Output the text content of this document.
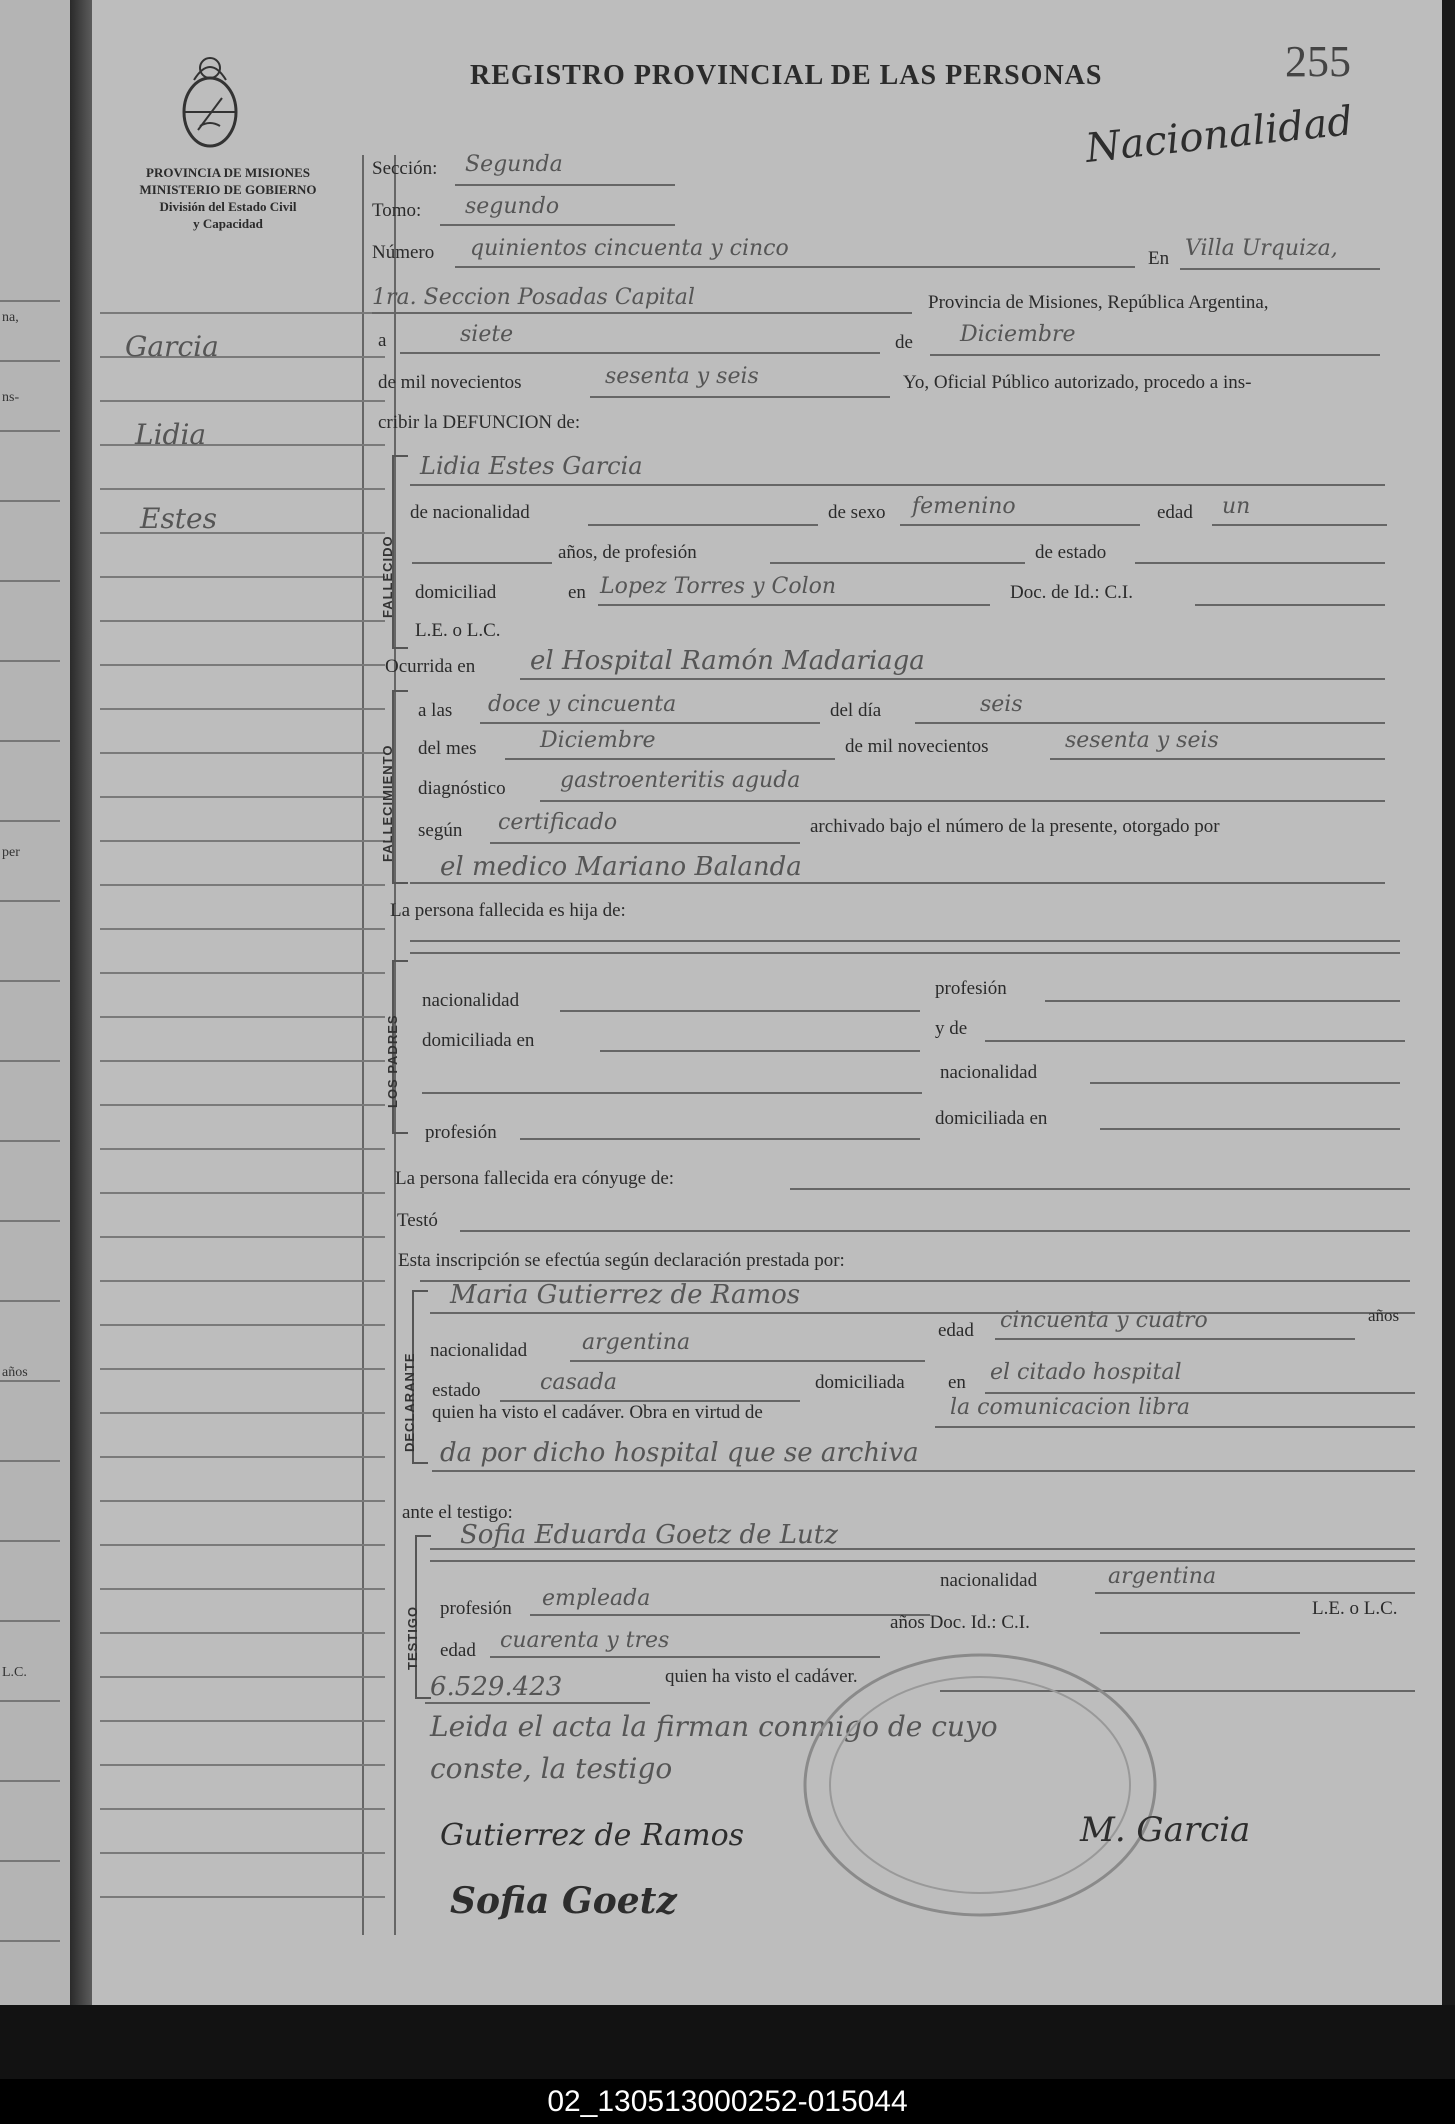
na,
ns-
per
años
L.C.
PROVINCIA DE MISIONES
MINISTERIO DE GOBIERNO
División del Estado Civil
y Capacidad
REGISTRO PROVINCIAL DE LAS PERSONAS	255
Nacionalidad
Garcia
Lidia
Estes
Sección: Segunda
Tomo: segundo
Número quinientos cincuenta y cinco	En Villa Urquiza,
1ra. Seccion Posadas Capital	Provincia de Misiones, República Argentina,
a	siete	de Diciembre
de mil novecientos	sesenta y seis	Yo, Oficial Público autorizado, procedo a ins-
cribir la DEFUNCION de:
FALLECIDO
Lidia Estes Garcia
de nacionalidad	de sexo femenino	edad un
años, de profesión	de estado
domiciliad	en Lopez Torres y Colon	Doc. de Id.: C.I.
L.E. o L.C.
Ocurrida en el Hospital Ramón Madariaga
FALLECIMIENTO
a las doce y cincuenta	del día	seis
del mes	Diciembre	de mil novecientos	sesenta y seis
diagnóstico gastroenteritis aguda
según certificado	archivado bajo el número de la presente, otorgado por
el medico Mariano Balanda
La persona fallecida es hija de:
LOS PADRES
nacionalidad
profesión
domiciliada en
y de
nacionalidad
profesión
domiciliada en
La persona fallecida era cónyuge de:
Testó
Esta inscripción se efectúa según declaración prestada por:
DECLARANTE
Maria Gutierrez de Ramos
edad cincuenta y cuatro	años
nacionalidad argentina
estado	casada	domiciliada en el citado hospital
quien ha visto el cadáver. Obra en virtud de	la comunicacion libra
da por dicho hospital que se archiva
ante el testigo:
TESTIGO
Sofia Eduarda Goetz de Lutz
profesión empleada
nacionalidad	argentina
edad cuarenta y tres
años Doc. Id.: C.I.
L.E. o L.C.
6.529.423	quien ha visto el cadáver.
Leida el acta la firman conmigo de cuyo
conste, la testigo
Gutierrez de Ramos
Sofia Goetz
M. Garcia
02_130513000252-015044
